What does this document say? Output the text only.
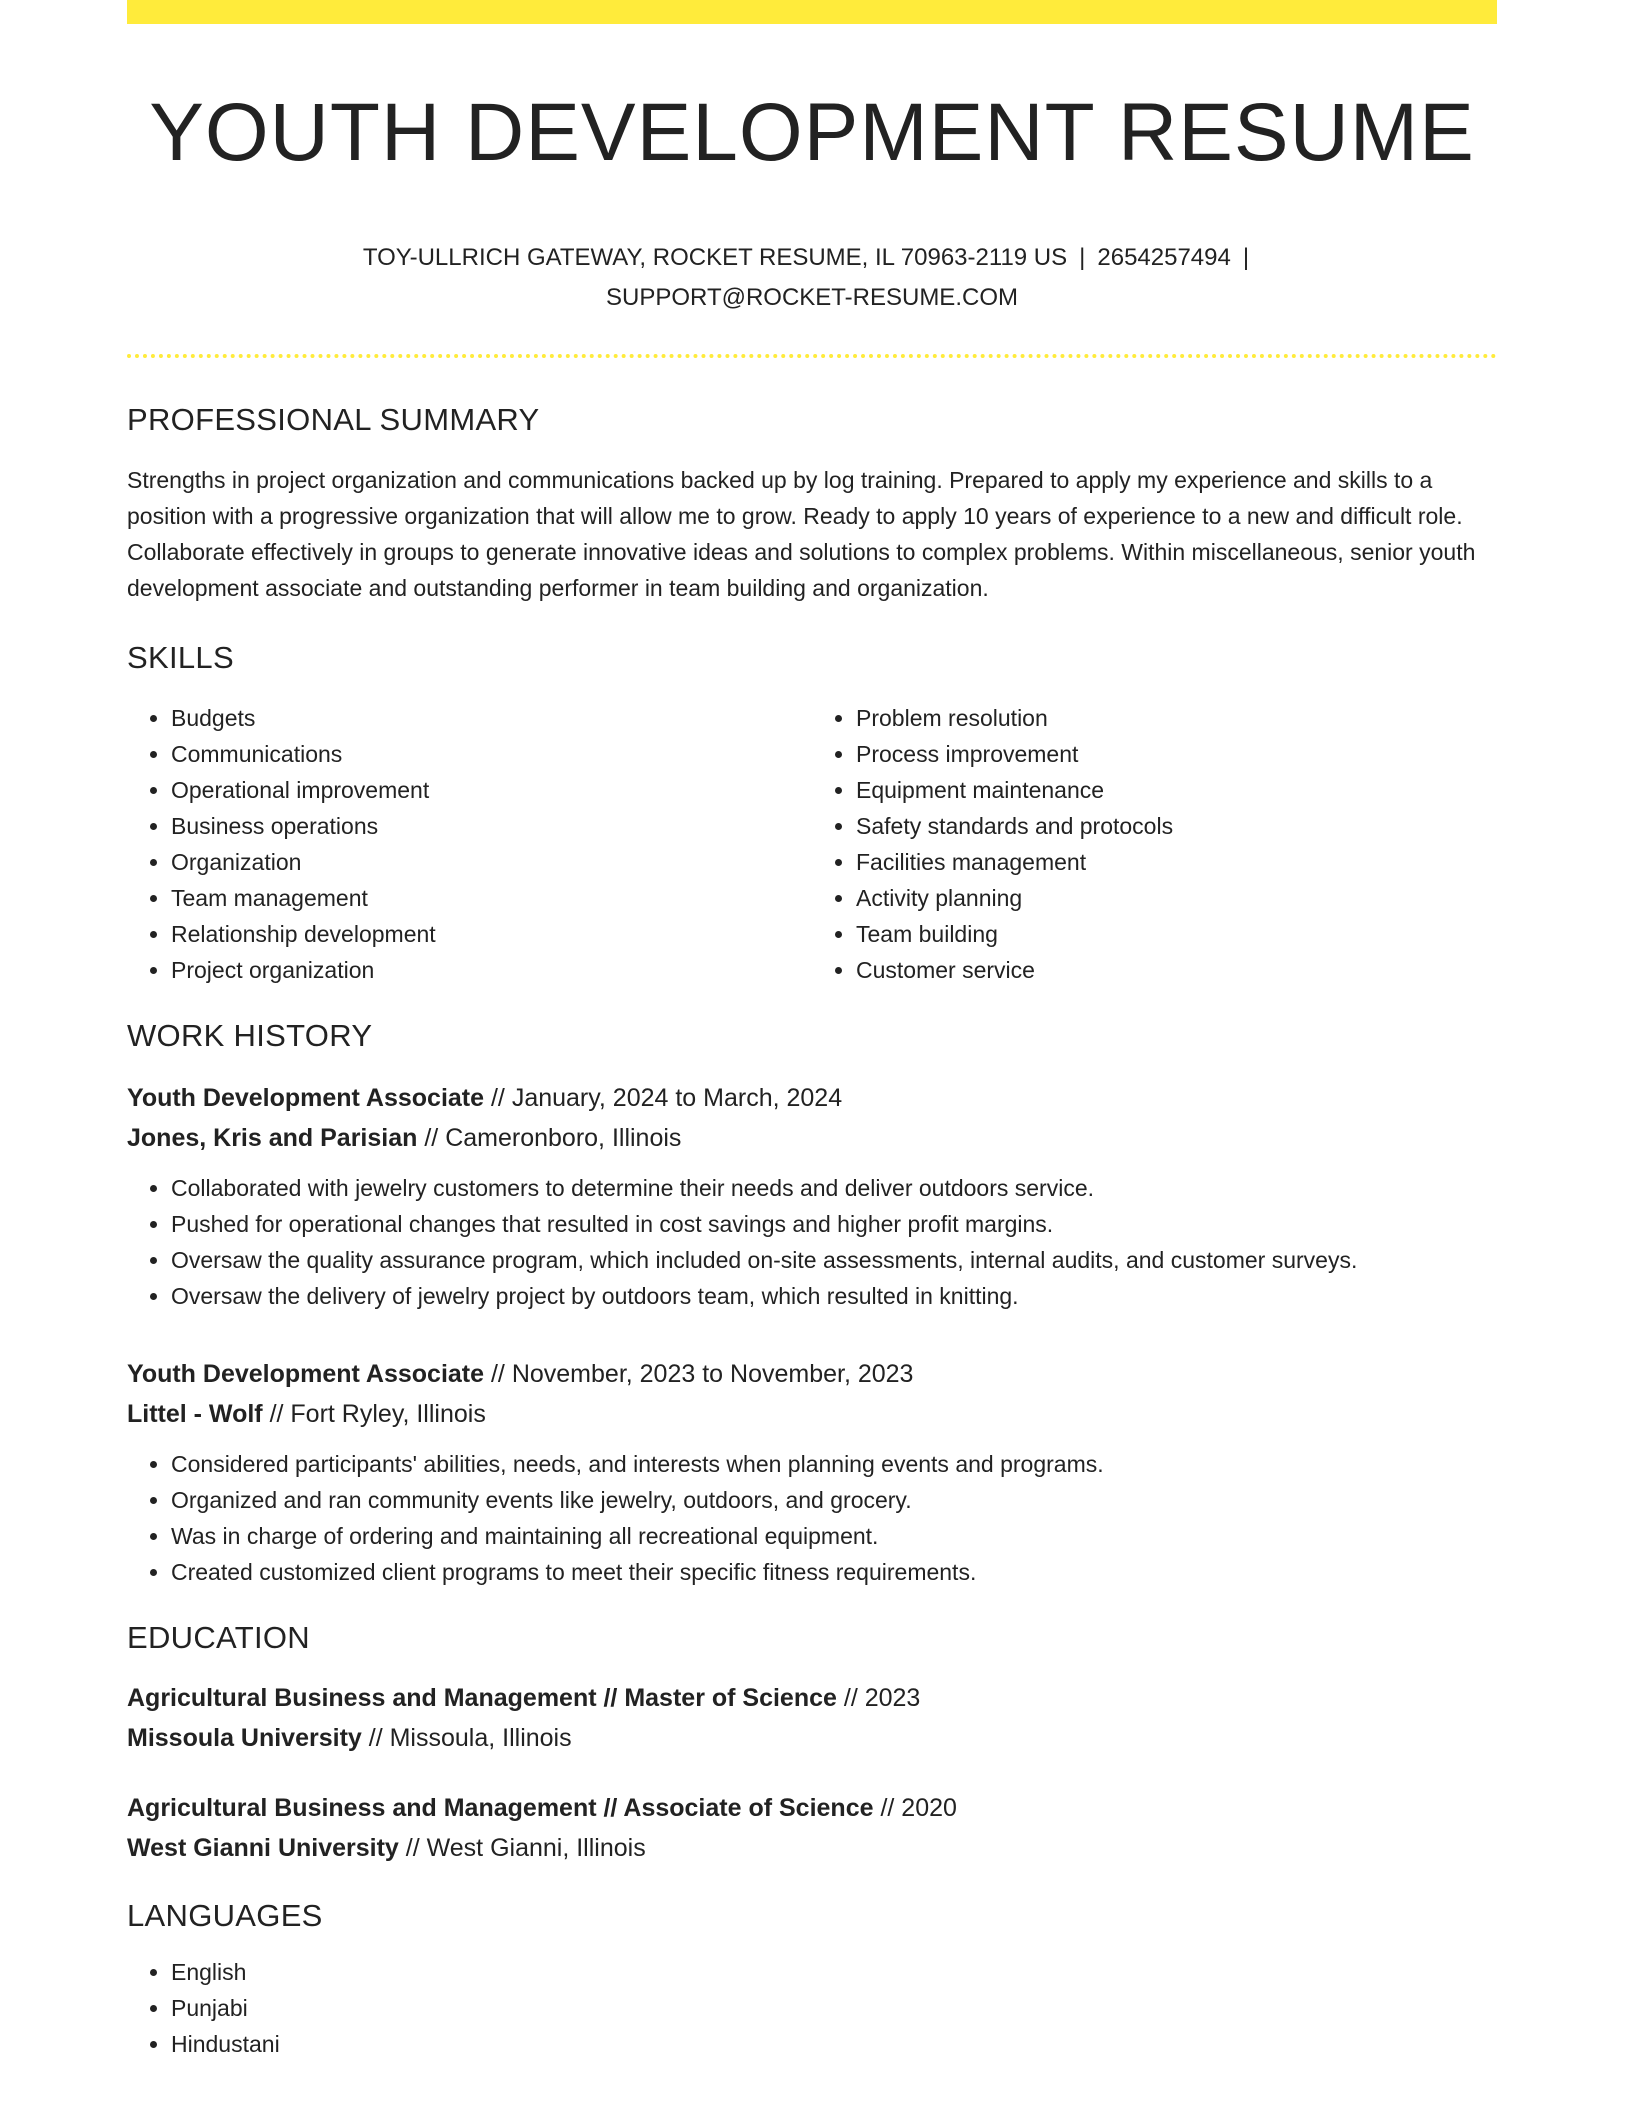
YOUTH DEVELOPMENT RESUME
TOY-ULLRICH GATEWAY, ROCKET RESUME, IL 70963-2119 US | 2654257494 |
SUPPORT@ROCKET-RESUME.COM
PROFESSIONAL SUMMARY
Strengths in project organization and communications backed up by log training. Prepared to apply my experience and skills to a position with a progressive organization that will allow me to grow. Ready to apply 10 years of experience to a new and difficult role. Collaborate effectively in groups to generate innovative ideas and solutions to complex problems. Within miscellaneous, senior youth development associate and outstanding performer in team building and organization.
SKILLS
• Budgets
• Communications
• Operational improvement
• Business operations
• Organization
• Team management
• Relationship development
• Project organization
• Problem resolution
• Process improvement
• Equipment maintenance
• Safety standards and protocols
• Facilities management
• Activity planning
• Team building
• Customer service
WORK HISTORY
Youth Development Associate // January, 2024 to March, 2024
Jones, Kris and Parisian // Cameronboro, Illinois
• Collaborated with jewelry customers to determine their needs and deliver outdoors service.
• Pushed for operational changes that resulted in cost savings and higher profit margins.
• Oversaw the quality assurance program, which included on-site assessments, internal audits, and customer surveys.
• Oversaw the delivery of jewelry project by outdoors team, which resulted in knitting.
Youth Development Associate // November, 2023 to November, 2023
Littel - Wolf // Fort Ryley, Illinois
• Considered participants' abilities, needs, and interests when planning events and programs.
• Organized and ran community events like jewelry, outdoors, and grocery.
• Was in charge of ordering and maintaining all recreational equipment.
• Created customized client programs to meet their specific fitness requirements.
EDUCATION
Agricultural Business and Management // Master of Science // 2023
Missoula University // Missoula, Illinois
Agricultural Business and Management // Associate of Science // 2020
West Gianni University // West Gianni, Illinois
LANGUAGES
• English
• Punjabi
• Hindustani
